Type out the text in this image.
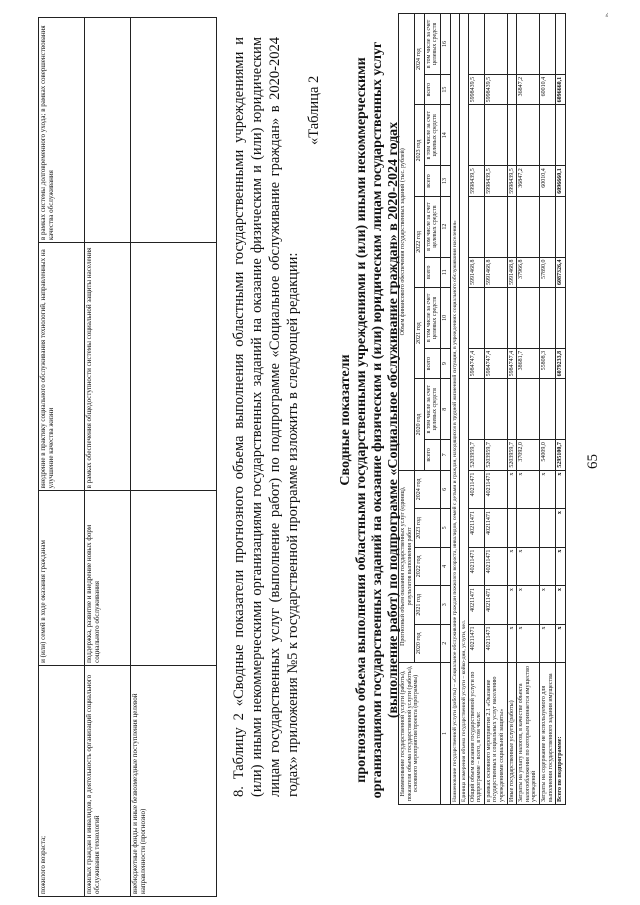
пожилого возраста;	и (или) семей в ходе оказания гражданам	внедрение в практику социального обслуживания технологий, направленных на улучшение качества жизни	в рамках системы долговременного ухода; в рамках совершенствования качества обслуживания
пожилых граждан и инвалидов, в деятельность организаций социального обслуживания технологий	поддержка, развитие и внедрение новых форм социального обслуживания	в рамках обеспечения общедоступности системы социальной защиты населения	
внебюджетные фонды и иные безвозмездные поступления целевой направленности (прогнозно)			
65

8. Таблицу 2 «Сводные показатели прогнозного объема выполнения областными государственными учреждениями и (или) иными некоммерческими организациями государственных заданий на оказание физическим и (или) юридическим лицам государственных услуг (выполнение работ) по подпрограмме «Социальное обслуживание граждан» в 2020-2024 годах» приложения №5 к государственной программе изложить в следующей редакции:

«Таблица 2
Сводные показатели прогнозного объема выполнения областными государственными учреждениями и (или) иными некоммерческими организациями государственных заданий на оказание физическим и (или) юридическим лицам государственных услуг (выполнение работ) по подпрограмме «Социальное обслуживание граждан» в 2020-2024 годах
Наименование государственной услуги (работы), показателя объема государственной услуги (работы), основного мероприятия/проекта (программы)	Прогнозный объем оказания государственных услуг (единиц), результатов выполнения работ					Объем финансового обеспечения государственных заданий (тыс. рублей)									
	2020 год	2021 год	2022 год	2023 год	2024 год	2020 год		2021 год		2022 год		2023 год		2024 год	
						всего	в том числе за счет целевых средств	всего	в том числе за счет целевых средств	всего	в том числе за счет целевых средств	всего	в том числе за счет целевых средств	всего	в том числе за счет целевых средств
1	2	3	4	5	6	7	8	9	10	11	12	13	14	15	16
Наименование государственной услуги (работы) – «Социальное обслуживание граждан пожилого возраста, инвалидов, семей с детьми и граждан, находящихся в трудной жизненной ситуации, в учреждениях социального обслуживания населения»															
Единица измерения объема государственной услуги – койко-дни, услуги, чел.															
Общий объем оказания государственной услуги по подпрограмме – всего, в том числе:	40211471	40211471	40211471	40211471	40211471	5203959,7		5984747,4		5991468,8		5998439,5		5998439,5	
в рамках основного мероприятия 2.1 «Оказание государственных и социальных услуг населению учреждениями социальной защиты»	40211471	40211471	40211471	40211471	40211471	5203959,7		5984747,4		5991468,8		5998439,5		5998439,5	
Иные государственные услуги (работы)	х	х	х		х	5203959,7		5984747,4		5991468,8		5998439,5			
Затраты на уплату налогов, в качестве объекта налогообложения по которым признается имущество учреждений	х	х	х		х	37092,0		38681,7		37966,8		36847,2		36847,2	
Затраты на содержание не используемого для выполнения государственного задания имущества	х	х			х	54009,0		55808,3		57890,0		60010,4		60010,4	
Всего по подпрограмме:	х	х	х	х	х	5295100,7		6079233,8		6087326,4		6096660,1		6096660,1	
».
